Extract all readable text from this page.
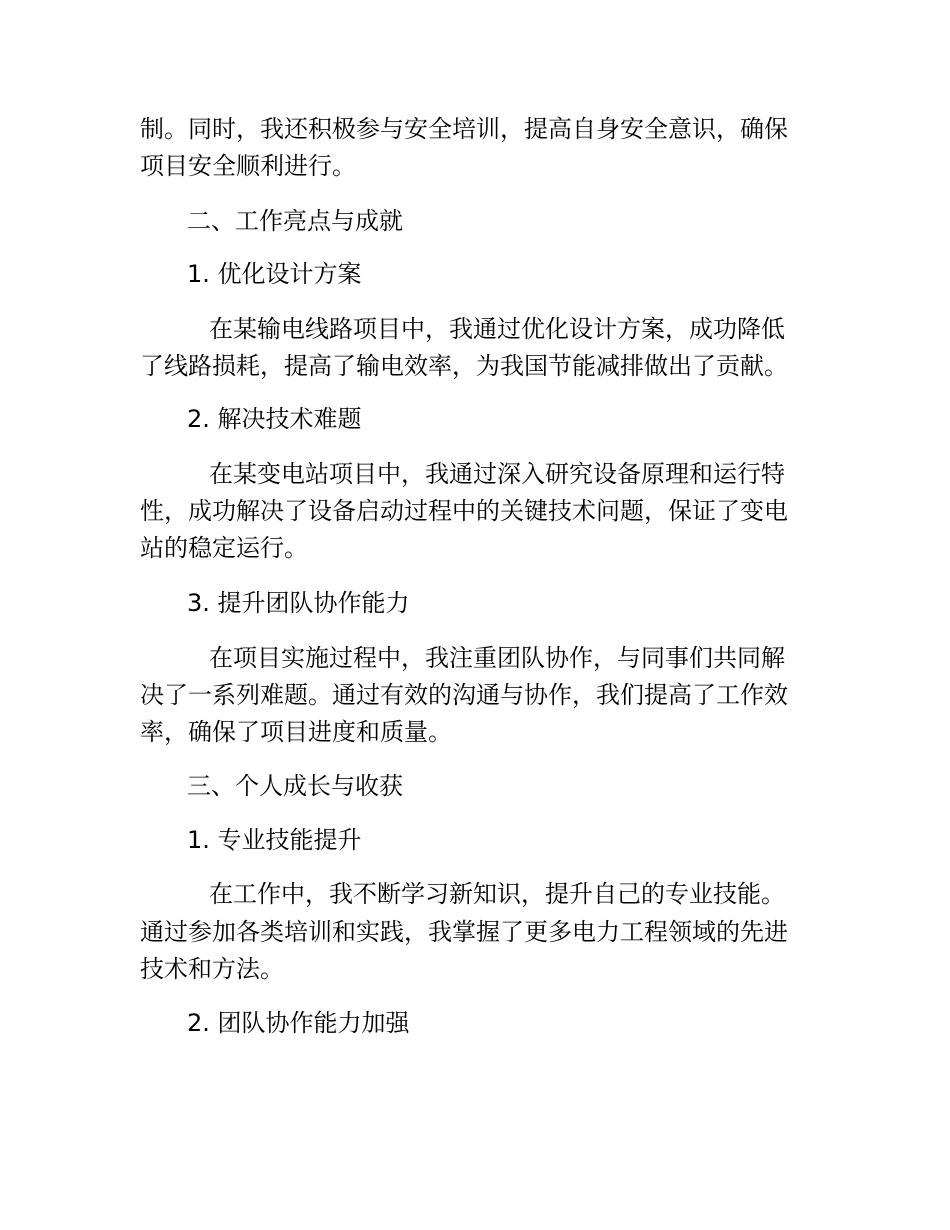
制。同时，我还积极参与安全培训，提高自身安全意识，确保

项目安全顺利进行。

二、工作亮点与成就

1. 优化设计方案

在某输电线路项目中，我通过优化设计方案，成功降低

了线路损耗，提高了输电效率，为我国节能减排做出了贡献。

2. 解决技术难题

在某变电站项目中，我通过深入研究设备原理和运行特

性，成功解决了设备启动过程中的关键技术问题，保证了变电

站的稳定运行。

3. 提升团队协作能力

在项目实施过程中，我注重团队协作，与同事们共同解

决了一系列难题。通过有效的沟通与协作，我们提高了工作效

率，确保了项目进度和质量。

三、个人成长与收获

1. 专业技能提升

在工作中，我不断学习新知识，提升自己的专业技能。

通过参加各类培训和实践，我掌握了更多电力工程领域的先进

技术和方法。

2. 团队协作能力加强
